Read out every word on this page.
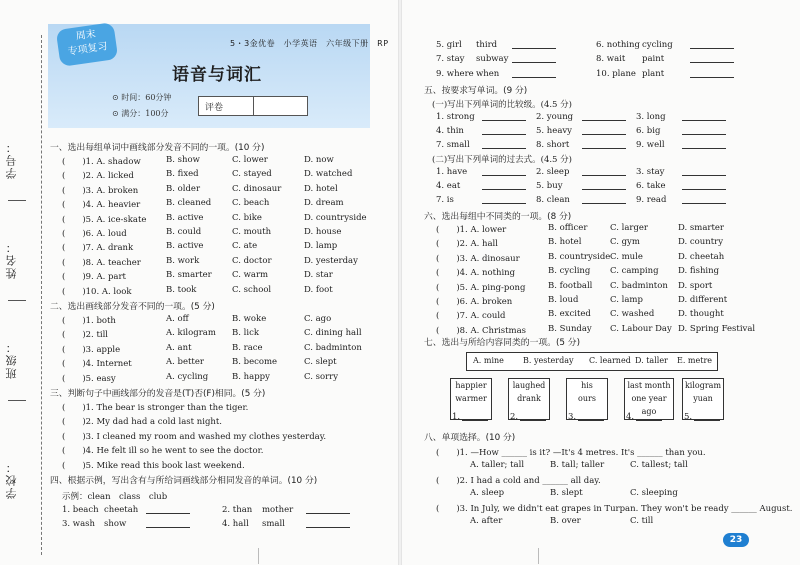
学号：
姓名：
班级：
学校：
周末
专项复习	5・3金优卷　小学英语　六年级下册　RP
语音与词汇
⊙ 时间：60分钟
⊙ 满分：100分
评卷
一、选出每组单词中画线部分发音不同的一项。(10 分)
二、选出画线部分发音不同的一项。(5 分)
三、判断句子中画线部分的发音是(T)否(F)相同。(5 分)
四、根据示例，写出含有与所给词画线部分相同发音的单词。(10 分)
示例：clean　class　club
五、按要求写单词。(9 分)
(一)写出下列单词的比较级。(4.5 分)
(二)写出下列单词的过去式。(4.5 分)
六、选出每组中不同类的一项。(8 分)
七、选出与所给内容同类的一项。(5 分)
A. mine B. yesterday C. learned D. taller E. metre
八、单项选择。(10 分)
(　　)1. —How ______ is it? —It's 4 metres. It's ______ than you.
(　　)2. I had a cold and ______ all day.
(　　)3. In July, we didn't eat grapes in Turpan. They won't be ready ______ August.
23
(　　)1. A. shadow	B. show	C. lower	D. now
(　　)2. A. licked	B. fixed	C. stayed	D. watched
(　　)3. A. broken	B. older	C. dinosaur	D. hotel
(　　)4. A. heavier	B. cleaned C. beach	D. dream
(　　)5. A. ice-skate B. active	C. bike	D. countryside
(　　)6. A. loud	B. could	C. mouth	D. house
(　　)7. A. drank	B. active	C. ate	D. lamp
(　　)8. A. teacher	B. work	C. doctor	D. yesterday
(　　)9. A. part	B. smarter C. warm	D. star
(　　)10. A. look	B. took	C. school	D. foot
(　　)1. both	A. off	B. woke	C. ago
(　　)2. till	A. kilogram B. lick	C. dining hall
(　　)3. apple	A. ant	B. race	C. badminton
(　　)4. Internet	A. better	B. become	C. slept
(　　)5. easy	A. cycling	B. happy	C. sorry
(　　)1. The bear is stronger than the tiger.
(　　)2. My dad had a cold last night.
(　　)3. I cleaned my room and washed my clothes yesterday.
(　　)4. He felt ill so he went to see the doctor.
(　　)5. Mike read this book last weekend.
1. beach cheetah	2. than mother
3. wash show	4. hall small
5. girl third	6. nothing cycling
7. stay subway	8. wait paint
9. where when	10. plane plant
1. strong	2. young	3. long
4. thin	5. heavy	6. big
7. small	8. short	9. well
1. have	2. sleep	3. stay
4. eat	5. buy	6. take
7. is	8. clean	9. read
(　　)1. A. lower	B. officer	C. larger	D. smarter
(　　)2. A. hall	B. hotel	C. gym	D. country
(　　)3. A. dinosaur	B. countryside C. mule	D. cheetah
(　　)4. A. nothing	B. cycling C. camping D. fishing
(　　)5. A. ping-pong	B. football C. badminton D. sport
(　　)6. A. broken	B. loud	C. lamp	D. different
(　　)7. A. could	B. excited C. washed	D. thought
(　　)8. A. Christmas	B. Sunday C. Labour Day D. Spring Festival
happier
warmer
1.
laughed
drank
2.
his
ours
3.
last month
one year ago
4.
kilogram
yuan
5.
A. taller; tall	B. tall; taller	C. tallest; tall
A. sleep	B. slept	C. sleeping
A. after	B. over	C. till
